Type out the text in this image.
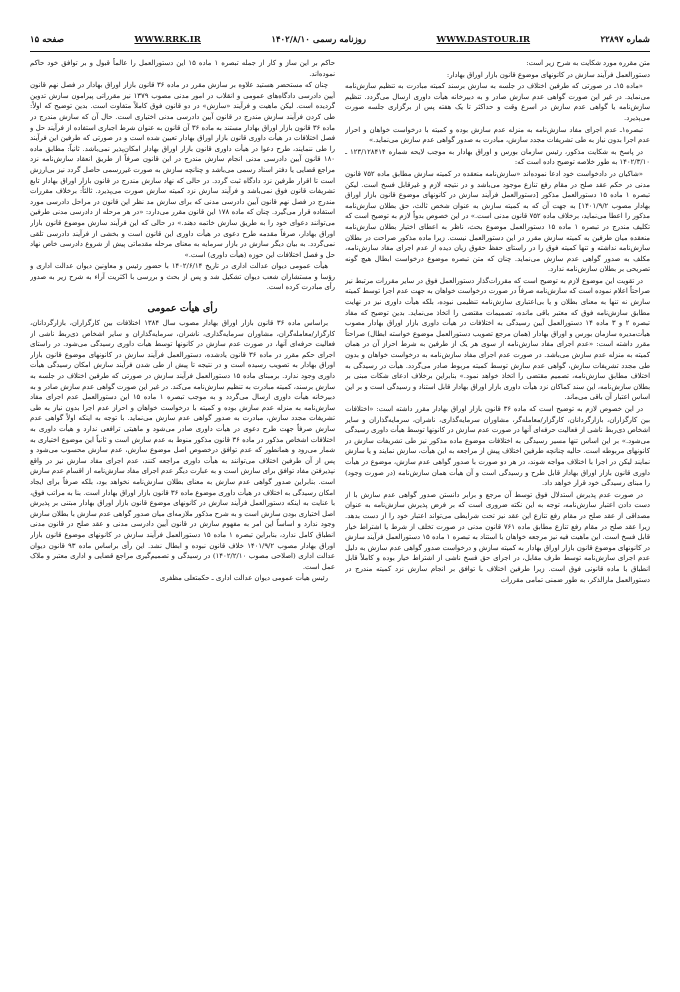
صفحه ۱۵	WWW.RRK.IR	روزنامه رسمی ۱۴۰۲/۸/۱۰	WWW.DASTOUR.IR	شماره ۲۲۸۹۷

متن مقرره مورد شکایت به شرح زیر است:

دستورالعمل فرآیند سازش در کانونهای موضوع قانون بازار اوراق بهادار:

«ماده ۱۵ـ در صورتی که طرفین اختلاف در جلسه به سازش برسند کمیته مبادرت به تنظیم سازش‌نامه می‌نماید. در غیر این صورت گواهی عدم سازش صادر و به دبیرخانه هیأت داوری ارسال می‌گردد. تنظیم سازش‌نامه یا گواهی عدم سازش در اسرع وقت و حداکثر تا یک هفته پس از برگزاری جلسه صورت می‌پذیرد.

تبصره۱ـ عدم اجرای مفاد سازش‌نامه به منزله عدم سازش بوده و کمیته با درخواست خواهان و احراز عدم اجرا بدون نیاز به طی تشریفات مجدد سازش، مبادرت به صدور گواهی عدم سازش می‌نماید.»

در پاسخ به شکایت مذکور، رئیس سازمان بورس و اوراق بهادار به موجب لایحه شماره ۱۲۳/۱۲۸۴۱۴ ـ ۱۴۰۲/۳/۱۰ به طور خلاصه توضیح داده است که:

«شاکیان در دادخواست خود ادعا نموده‌اند «سازش‌نامه منعقده در کمیته سازش مطابق ماده ۷۵۲ قانون مدنی در حکم عقد صلح در مقام رفع تنازع موجود می‌باشد و در نتیجه لازم و غیرقابل فسخ است. لیکن تبصره ۱ ماده ۱۵ دستورالعمل مذکور [دستورالعمل فرآیند سازش در کانونهای موضوع قانون بازار اوراق بهادار مصوب ۱۴۰۱/۹/۲] به جهت آن که به کمیته سازش به عنوان شخص ثالث، حق بطلان سازش‌نامه مذکور را اعطا می‌نماید، برخلاف ماده ۷۵۲ قانون مدنی است.» در این خصوص بدواً لازم به توضیح است که تکلیف مندرج در تبصره ۱ ماده ۱۵ دستورالعمل موضوع بحث، ناظر به اعطای اختیار بطلان سازش‌نامه منعقده میان طرفین به کمیته سازش مقرر در این دستورالعمل نیست. زیرا ماده مذکور صراحت در بطلان سازش‌نامه نداشته و تنها کمیته فوق را در راستای حفظ حقوق زیان دیده از عدم اجرای مفاد سازش‌نامه، مکلف به صدور گواهی عدم سازش می‌نماید. چنان که متن تبصره موضوع درخواست ابطال هیچ گونه تصریحی بر بطلان سازش‌نامه ندارد.

در تقویت این موضوع لازم به توضیح است که مقررات‌گذار دستورالعمل فوق در سایر مقررات مرتبط نیز صراحتاً اعلام نموده است که سازش‌نامه صرفاً در صورت درخواست خواهان به جهت عدم اجرا توسط کمیته سازش نه تنها به معنای بطلان و یا بی‌اعتباری سازش‌نامه تنظیمی نبوده، بلکه هیأت داوری نیز در نهایت مطابق سازش‌نامه فوق که معتبر باقی مانده، تصمیمات مقتضی را اتخاذ می‌نماید. بدین توضیح که مفاد تبصره ۲ و ۳ ماده ۱۴ دستورالعمل آیین رسیدگی به اختلافات در هیأت داوری بازار اوراق بهادار مصوب هیأت‌مدیره سازمان بورس و اوراق بهادار (همان مرجع تصویب دستورالعمل موضوع خواسته ابطال) صراحتاً مقرر داشته است: «عدم اجرای مفاد سازش‌نامه از سوی هر یک از طرفین به شرط احراز آن در همان کمیته به منزله عدم سازش می‌باشد. در صورت عدم اجرای مفاد سازش‌نامه به درخواست خواهان و بدون طی مجدد تشریفات سازش، گواهی عدم سازش توسط کمیته مربوط صادر می‌گردد. هیأت در رسیدگی به اختلاف مطابق سازش‌نامه، تصمیم مقتضی را اتخاذ خواهد نمود.» بنابراین برخلاف ادعای شکات مبنی بر بطلان سازش‌نامه، این سند کماکان نزد هیأت داوری بازار اوراق بهادار قابل استناد و رسیدگی است و بر این اساس اعتبار آن باقی می‌ماند.

در این خصوص لازم به توضیح است که ماده ۳۶ قانون بازار اوراق بهادار مقرر داشته است: «اختلافات بین کارگزاران، بازارگردانان، کارگزار/معامله‌گر، مشاوران سرمایه‌گذاری، ناشران، سرمایه‌گذاران و سایر اشخاص ذی‌ربط ناشی از فعالیت حرفه‌ای آنها در صورت عدم سازش در کانونها توسط هیأت داوری رسیدگی می‌شود.» بر این اساس تنها مسیر رسیدگی به اختلافات موضوع ماده مذکور نیز طی تشریفات سازش در کانونهای مربوطه است. حالیه چنانچه طرفین اختلاف پیش از مراجعه به این هیأت، سازش نمایند و یا سازش نمایند لیکن در اجرا با اختلاف مواجه شوند، در هر دو صورت با صدور گواهی عدم سازش، موضوع در هیأت داوری قانون بازار اوراق بهادار قابل طرح و رسیدگی است و آن هیأت همان سازش‌نامه (در صورت وجود) را مبنای رسیدگی خود قرار خواهد داد.

در صورت عدم پذیرش استدلال فوق توسط آن مرجع و برابر دانستن صدور گواهی عدم سازش با از دست دادن اعتبار سازش‌نامه، توجه به این نکته ضروری است که بر فرض پذیرش سازش‌نامه به عنوان مصداقی از عقد صلح در مقام رفع تنازع این عقد نیز تحت شرایطی می‌تواند اعتبار خود را از دست بدهد. زیرا عقد صلح در مقام رفع تنازع مطابق ماده ۷۶۱ قانون مدنی در صورت تخلف از شرط یا اشتراط خیار قابل فسخ است. این ماهیت فیه نیز مرجعه خواهان با استناد به تبصره ۱ ماده ۱۵ دستورالعمل فرآیند سازش در کانونهای موضوع قانون بازار اوراق بهادار به کمیته سازش و درخواست صدور گواهی عدم سازش به دلیل عدم اجرای سازش‌نامه توسط طرف مقابل، در اجرای حق فسخ ناشی از اشتراط خیار بوده و کاملاً قابل انطباق با ماده قانونی فوق است. زیرا طرفین اختلاف با توافق بر انجام سازش نزد کمیته مندرج در دستورالعمل مارالذکر، به طور ضمنی تمامی مقررات

حاکم بر این ساز و کار از جمله تبصره ۱ ماده ۱۵ این دستورالعمل را عالماً قبول و بر توافق خود حاکم نموده‌اند.

چنان که مستحضر هستید علاوه بر سازش مقرر در ماده ۳۶ قانون بازار اوراق بهادار در فصل نهم قانون آیین دادرسی دادگاه‌های عمومی و انقلاب در امور مدنی مصوب ۱۳۷۹ نیز مقرراتی پیرامون سازش تدوین گردیده است. لیکن ماهیت و فرآیند «سازش» در دو قانون فوق کاملاً متفاوت است. بدین توضیح که اولاً: طی کردن فرآیند سازش مندرج در قانون آیین دادرسی مدنی اختیاری است. حال آن که سازش مندرج در ماده ۳۶ قانون بازار اوراق بهادار مستند به ماده ۳۶ آن قانون به عنوان شرط اجباری استفاده از فرآیند حل و فصل اختلافات در هیأت داوری قانون بازار اوراق بهادار تعیین شده است و در صورتی که طرفین این فرآیند را طی ننمایند، طرح دعوا در هیأت داوری قانون بازار اوراق بهادار امکان‌پذیر نمی‌باشد. ثانیاً: مطابق ماده ۱۸۰ قانون آیین دادرسی مدنی انجام سازش مندرج در این قانون صرفاً از طریق انعقاد سازش‌نامه نزد مراجع قضایی یا دفتر اسناد رسمی می‌باشد و چنانچه سازش به صورت غیررسمی حاصل گردد نیز بی‌ارزش است تا اقرار طرفین نزد دادگاه ثبت گردد. در حالی که نهاد سازش مندرج در قانون بازار اوراق بهادار تابع تشریفات قانون فوق نمی‌باشد و فرآیند سازش نزد کمیته سازش صورت می‌پذیرد. ثالثاً: برخلاف مقررات مندرج در فصل نهم قانون آیین دادرسی مدنی که برای سازش مد نظر این قانون در مراحل دادرسی مورد استفاده قرار می‌گیرد. چنان که ماده ۱۷۸ این قانون مقرر می‌دارد: «در هر مرحله از دادرسی مدنی طرفین می‌توانند دعوای خود را به طریق سازش خاتمه دهند.» در حالی که این فرآیند سازش موضوع قانون بازار اوراق بهادار، صرفاً مقدمه طرح دعوی در هیأت داوری این قانون است و بخشی از فرآیند دادرسی تلقی نمی‌گردد. به بیان دیگر سازش در بازار سرمایه به معنای مرحله مقدماتی پیش از شروع دادرسی خاص نهاد حل و فصل اختلافات این حوزه (هیأت داوری) است.»

هیأت عمومی دیوان عدالت اداری در تاریخ ۱۴۰۲/۶/۱۴ با حضور رئیس و معاونین دیوان عدالت اداری و رؤسا و مستشاران شعب دیوان تشکیل شد و پس از بحث و بررسی با اکثریت آراء به شرح زیر به صدور رأی مبادرت کرده است.

رأی هیأت عمومی

براساس ماده ۳۶ قانون بازار اوراق بهادار مصوب سال ۱۳۸۴ اختلافات بین کارگزاران، بازارگردانان، کارگزار/معامله‌گران، مشاوران سرمایه‌گذاری، ناشران، سرمایه‌گذاران و سایر اشخاص ذی‌ربط ناشی از فعالیت حرفه‌ای آنها، در صورت عدم سازش در کانونها توسط هیأت داوری رسیدگی می‌شود. در راستای اجرای حکم مقرر در ماده ۳۶ قانون یادشده، دستورالعمل فرآیند سازش در کانونهای موضوع قانون بازار اوراق بهادار به تصویب رسیده است و در نتیجه تا پیش از طی شدن فرآیند سازش امکان رسیدگی هیأت داوری وجود ندارد. برمبنای ماده ۱۵ دستورالعمل فرآیند سازش در صورتی که طرفین اختلاف در جلسه به سازش برسند، کمیته مبادرت به تنظیم سازش‌نامه می‌کند. در غیر این صورت گواهی عدم سازش صادر و به دبیرخانه هیأت داوری ارسال می‌گردد و به موجب تبصره ۱ ماده ۱۵ این دستورالعمل عدم اجرای مفاد سازش‌نامه به منزله عدم سازش بوده و کمیته با درخواست خواهان و احراز عدم اجرا بدون نیاز به طی تشریفات مجدد سازش، مبادرت به صدور گواهی عدم سازش می‌نماید. با توجه به اینکه اولاً گواهی عدم سازش صرفاً جهت طرح دعوی در هیأت داوری صادر می‌شود و ماهیتی ترافعی ندارد و هیأت داوری به اختلافات اشخاص مذکور در ماده ۳۶ قانون مذکور منوط به عدم سازش است و ثانیاً این موضوع اختیاری به شمار می‌رود و همانطور که عدم توافق درخصوص اصل موضوع سازش، عدم سازش محسوب می‌شود و پس از آن طرفین اختلاف می‌توانند به هیأت داوری مراجعه کنند، عدم اجرای مفاد سازش نیز در واقع نپذیرفتن مفاد توافق برای سازش است و به عبارت دیگر عدم اجرای مفاد سازش‌نامه از اقسام عدم سازش است. بنابراین صدور گواهی عدم سازش به معنای بطلان سازش‌نامه نخواهد بود، بلکه صرفاً برای ایجاد امکان رسیدگی به اختلاف در هیأت داوری موضوع ماده ۳۶ قانون بازار اوراق بهادار است. بنا به مراتب فوق، با عنایت به اینکه دستورالعمل فرآیند سازش در کانونهای موضوع قانون بازار اوراق بهادار مبتنی بر پذیرش اصل اختیاری بودن سازش است و به شرح مذکور ملازمه‌ای میان صدور گواهی عدم سازش با بطلان سازش وجود ندارد و اساساً این امر به مفهوم سازش در قانون آیین دادرسی مدنی و عقد صلح در قانون مدنی انطباق کامل ندارد، بنابراین تبصره ۱ ماده ۱۵ دستورالعمل فرآیند سازش در کانونهای موضوع قانون بازار اوراق بهادار مصوب ۱۴۰۱/۹/۲ خلاف قانون نبوده و ابطال نشد. این رأی براساس ماده ۹۳ قانون دیوان عدالت اداری (اصلاحی مصوب ۱۴۰۲/۲/۱۰) در رسیدگی و تصمیم‌گیری مراجع قضایی و اداری معتبر و ملاک عمل است.

رئیس هیأت عمومی دیوان عدالت اداری ـ حکمتعلی مظفری
